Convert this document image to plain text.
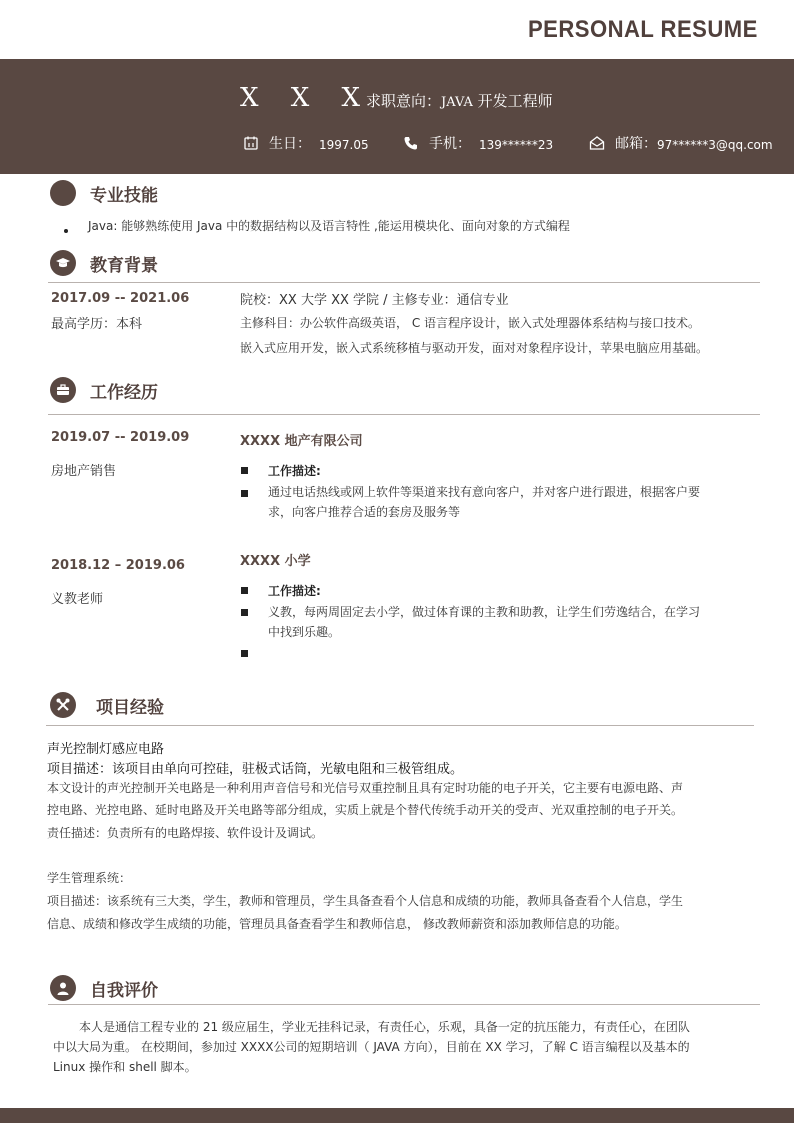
PERSONAL RESUME
X X X
求职意向：JAVA 开发工程师
生日： 1997.05	手机： 139******23	邮箱： 97******3@qq.com
专业技能
Java: 能够熟练使用 Java 中的数据结构以及语言特性 ,能运用模块化、面向对象的方式编程
教育背景
2017.09 -- 2021.06
最高学历：本科
院校：XX 大学 XX 学院 / 主修专业：通信专业
主修科目：办公软件高级英语， C 语言程序设计，嵌入式处理器体系结构与接口技术。
嵌入式应用开发，嵌入式系统移植与驱动开发，面对对象程序设计，苹果电脑应用基础。
工作经历
2019.07 -- 2019.09
房地产销售
XXXX 地产有限公司
工作描述:
通过电话热线或网上软件等渠道来找有意向客户，并对客户进行跟进，根据客户要
求，向客户推荐合适的套房及服务等
XXXX 小学
2018.12 – 2019.06
义教老师
工作描述:
义教，每两周固定去小学，做过体育课的主教和助教，让学生们劳逸结合，在学习
中找到乐趣。
项目经验
声光控制灯感应电路
项目描述：该项目由单向可控硅，驻极式话筒，光敏电阻和三极管组成。
本文设计的声光控制开关电路是一种利用声音信号和光信号双重控制且具有定时功能的电子开关，它主要有电源电路、声
控电路、光控电路、延时电路及开关电路等部分组成，实质上就是个替代传统手动开关的受声、光双重控制的电子开关。
责任描述：负责所有的电路焊接、软件设计及调试。
学生管理系统：
项目描述：该系统有三大类，学生，教师和管理员，学生具备查看个人信息和成绩的功能，教师具备查看个人信息，学生
信息、成绩和修改学生成绩的功能，管理员具备查看学生和教师信息， 修改教师薪资和添加教师信息的功能。
自我评价
本人是通信工程专业的 21 级应届生，学业无挂科记录，有责任心，乐观，具备一定的抗压能力，有责任心，在团队
中以大局为重。 在校期间，参加过 XXXX公司的短期培训（ JAVA 方向），目前在 XX 学习，了解 C 语言编程以及基本的
Linux 操作和 shell 脚本。
